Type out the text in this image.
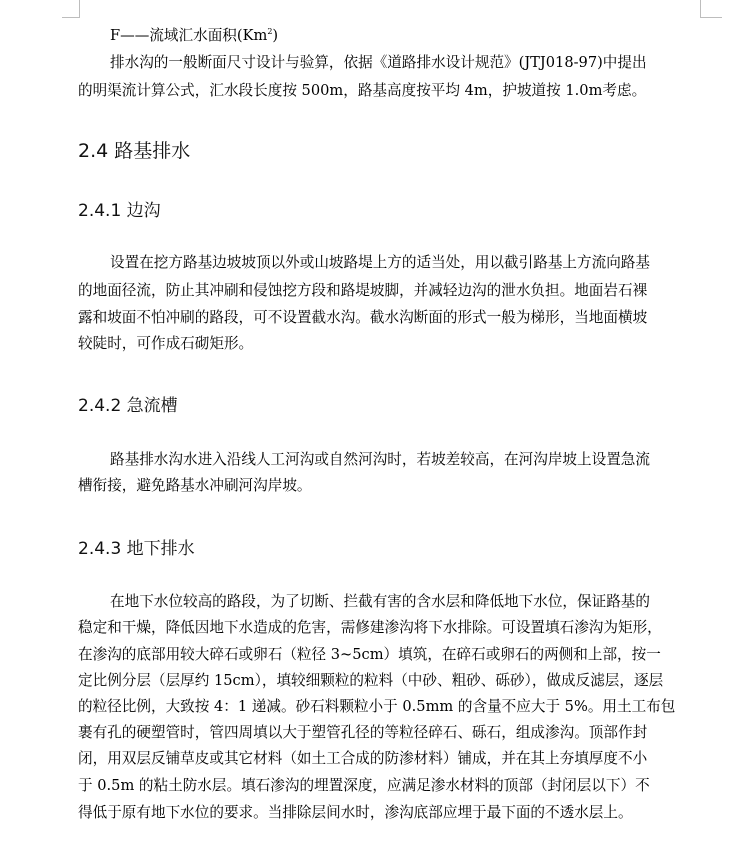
F——流域汇水面积(Km$^2$)
排水沟的一般断面尺寸设计与验算，依据《道路排水设计规范》(JTJ018-97)中提出
的明渠流计算公式，汇水段长度按 500m，路基高度按平均 4m，护坡道按 1.0m考虑。
2.4 路基排水
2.4.1 边沟
设置在挖方路基边坡坡顶以外或山坡路堤上方的适当处，用以截引路基上方流向路基
的地面径流，防止其冲刷和侵蚀挖方段和路堤坡脚，并减轻边沟的泄水负担。地面岩石裸
露和坡面不怕冲刷的路段，可不设置截水沟。截水沟断面的形式一般为梯形，当地面横坡
较陡时，可作成石砌矩形。
2.4.2 急流槽
路基排水沟水进入沿线人工河沟或自然河沟时，若坡差较高，在河沟岸坡上设置急流
槽衔接，避免路基水冲刷河沟岸坡。
2.4.3 地下排水
在地下水位较高的路段，为了切断、拦截有害的含水层和降低地下水位，保证路基的
稳定和干燥，降低因地下水造成的危害，需修建渗沟将下水排除。可设置填石渗沟为矩形，
在渗沟的底部用较大碎石或卵石（粒径 3~5cm）填筑，在碎石或卵石的两侧和上部，按一
定比例分层（层厚约 15cm），填较细颗粒的粒料（中砂、粗砂、砾砂），做成反滤层，逐层
的粒径比例，大致按 4：1 递减。砂石料颗粒小于 0.5mm 的含量不应大于 5%。用土工布包
裹有孔的硬塑管时，管四周填以大于塑管孔径的等粒径碎石、砾石，组成渗沟。顶部作封
闭，用双层反铺草皮或其它材料（如土工合成的防渗材料）铺成，并在其上夯填厚度不小
于 0.5m 的粘土防水层。填石渗沟的埋置深度，应满足渗水材料的顶部（封闭层以下）不
得低于原有地下水位的要求。当排除层间水时，渗沟底部应埋于最下面的不透水层上。
